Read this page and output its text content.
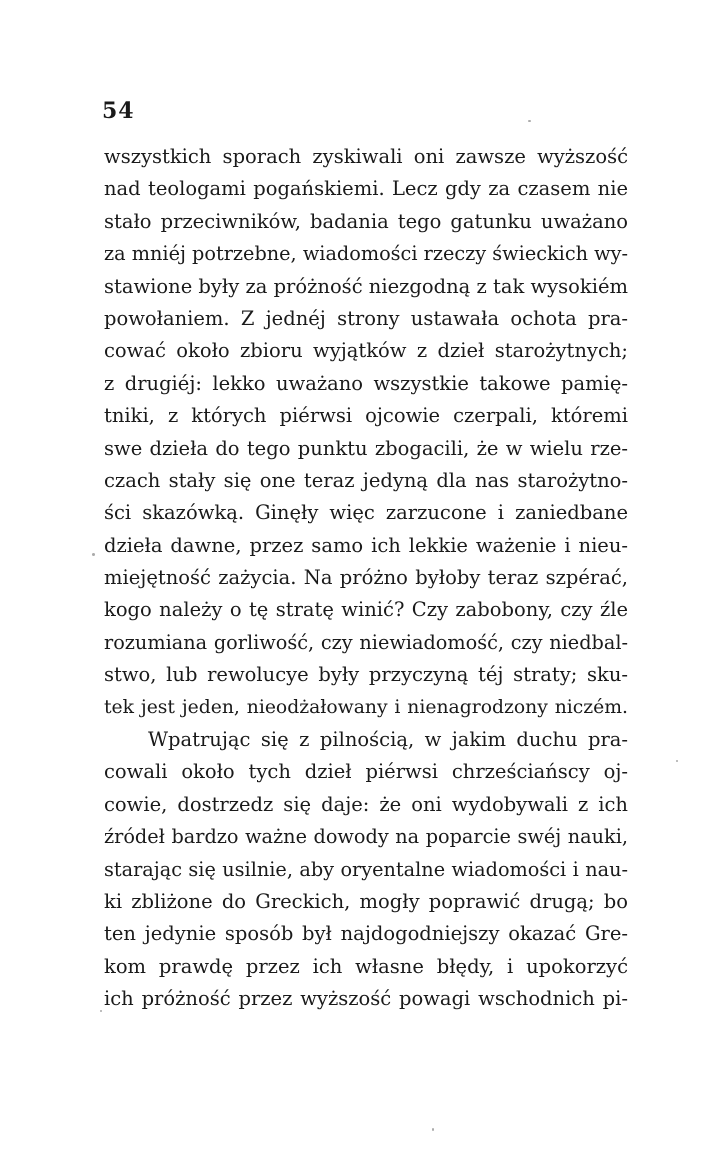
54
wszystkich sporach zyskiwali oni zawsze wyższość
nad teologami pogańskiemi. Lecz gdy za czasem nie
stało przeciwników, badania tego gatunku uważano
za mniéj potrzebne, wiadomości rzeczy świeckich wy-
stawione były za próżność niezgodną z tak wysokiém
powołaniem. Z jednéj strony ustawała ochota pra-
cować około zbioru wyjątków z dzieł starożytnych;
z drugiéj: lekko uważano wszystkie takowe pamię-
tniki, z których piérwsi ojcowie czerpali, któremi
swe dzieła do tego punktu zbogacili, że w wielu rze-
czach stały się one teraz jedyną dla nas starożytno-
ści skazówką. Ginęły więc zarzucone i zaniedbane
dzieła dawne, przez samo ich lekkie ważenie i nieu-
miejętność zażycia. Na próżno byłoby teraz szpérać,
kogo należy o tę stratę winić? Czy zabobony, czy źle
rozumiana gorliwość, czy niewiadomość, czy niedbal-
stwo, lub rewolucye były przyczyną téj straty; sku-
tek jest jeden, nieodżałowany i nienagrodzony niczém.
Wpatrując się z pilnością, w jakim duchu pra-
cowali około tych dzieł piérwsi chrześciańscy oj-
cowie, dostrzedz się daje: że oni wydobywali z ich
źródeł bardzo ważne dowody na poparcie swéj nauki,
starając się usilnie, aby oryentalne wiadomości i nau-
ki zbliżone do Greckich, mogły poprawić drugą; bo
ten jedynie sposób był najdogodniejszy okazać Gre-
kom prawdę przez ich własne błędy, i upokorzyć
ich próżność przez wyższość powagi wschodnich pi-
